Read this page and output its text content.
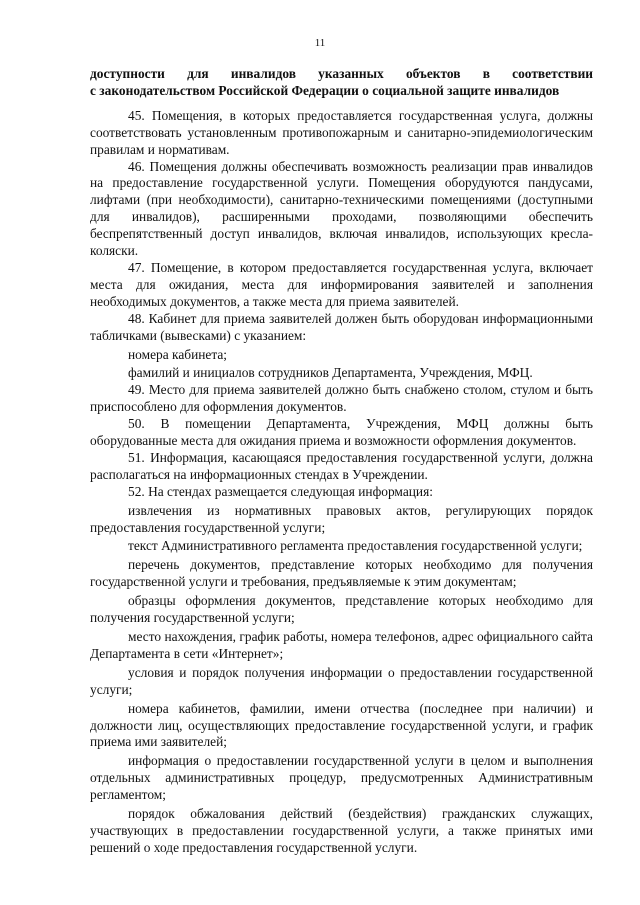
11

доступности для инвалидов указанных объектов в соответствии

с законодательством Российской Федерации о социальной защите инвалидов

45. Помещения, в которых предоставляется государственная услуга, должны соответствовать установленным противопожарным и санитарно-эпидемиологическим правилам и нормативам.

46. Помещения должны обеспечивать возможность реализации прав инвалидов на предоставление государственной услуги. Помещения оборудуются пандусами, лифтами (при необходимости), санитарно-техническими помещениями (доступными для инвалидов), расширенными проходами, позволяющими обеспечить беспрепятственный доступ инвалидов, включая инвалидов, использующих кресла-коляски.

47. Помещение, в котором предоставляется государственная услуга, включает места для ожидания, места для информирования заявителей и заполнения необходимых документов, а также места для приема заявителей.

48. Кабинет для приема заявителей должен быть оборудован информационными табличками (вывесками) с указанием:

номера кабинета;

фамилий и инициалов сотрудников Департамента, Учреждения, МФЦ.

49. Место для приема заявителей должно быть снабжено столом, стулом и быть приспособлено для оформления документов.

50. В помещении Департамента, Учреждения, МФЦ должны быть оборудованные места для ожидания приема и возможности оформления документов.

51. Информация, касающаяся предоставления государственной услуги, должна располагаться на информационных стендах в Учреждении.

52. На стендах размещается следующая информация:

извлечения из нормативных правовых актов, регулирующих порядок предоставления государственной услуги;

текст Административного регламента предоставления государственной услуги;

перечень документов, представление которых необходимо для получения государственной услуги и требования, предъявляемые к этим документам;

образцы оформления документов, представление которых необходимо для получения государственной услуги;

место нахождения, график работы, номера телефонов, адрес официального сайта Департамента в сети «Интернет»;

условия и порядок получения информации о предоставлении государственной услуги;

номера кабинетов, фамилии, имени отчества (последнее при наличии) и должности лиц, осуществляющих предоставление государственной услуги, и график приема ими заявителей;

информация о предоставлении государственной услуги в целом и выполнения отдельных административных процедур, предусмотренных Административным регламентом;

порядок обжалования действий (бездействия) гражданских служащих, участвующих в предоставлении государственной услуги, а также принятых ими решений о ходе предоставления государственной услуги.
